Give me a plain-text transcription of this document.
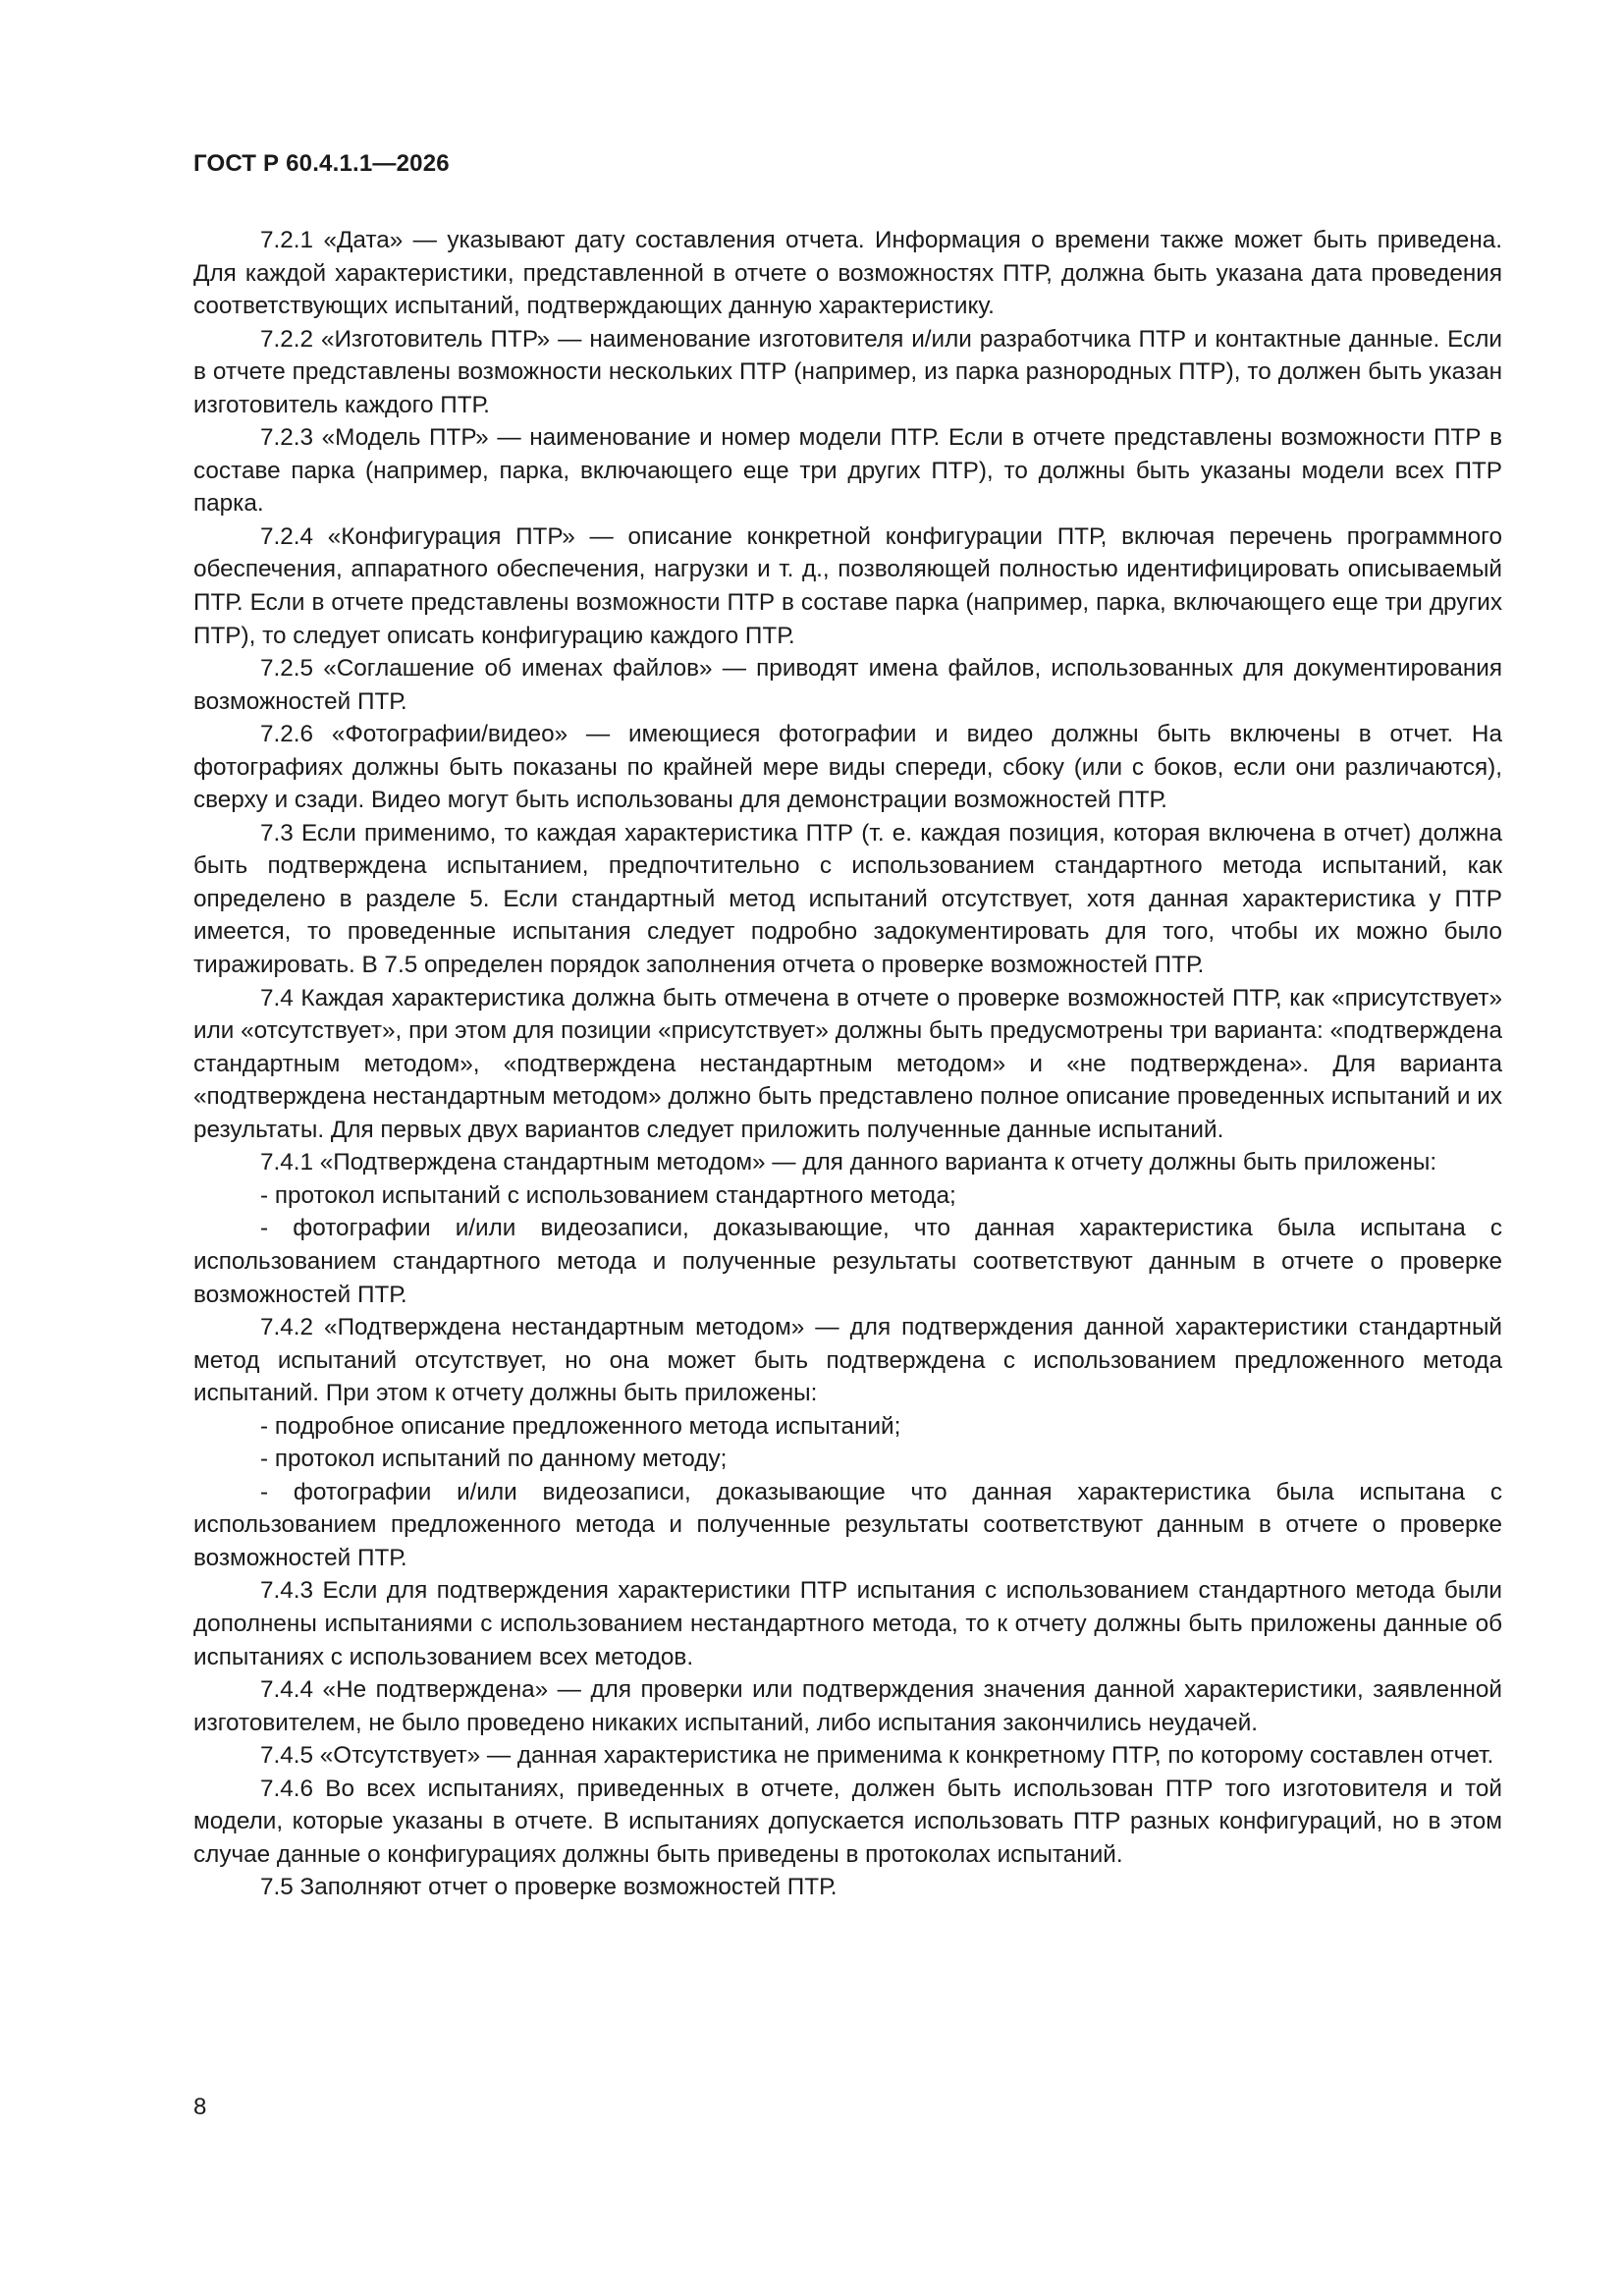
ГОСТ Р 60.4.1.1—2026

7.2.1 «Дата» — указывают дату составления отчета. Информация о времени также может быть приведена. Для каждой характеристики, представленной в отчете о возможностях ПТР, должна быть указана дата проведения соответствующих испытаний, подтверждающих данную характеристику.

7.2.2 «Изготовитель ПТР» — наименование изготовителя и/или разработчика ПТР и контактные данные. Если в отчете представлены возможности нескольких ПТР (например, из парка разнородных ПТР), то должен быть указан изготовитель каждого ПТР.

7.2.3 «Модель ПТР» — наименование и номер модели ПТР. Если в отчете представлены возможности ПТР в составе парка (например, парка, включающего еще три других ПТР), то должны быть указаны модели всех ПТР парка.

7.2.4 «Конфигурация ПТР» — описание конкретной конфигурации ПТР, включая перечень программного обеспечения, аппаратного обеспечения, нагрузки и т. д., позволяющей полностью идентифицировать описываемый ПТР. Если в отчете представлены возможности ПТР в составе парка (например, парка, включающего еще три других ПТР), то следует описать конфигурацию каждого ПТР.

7.2.5 «Соглашение об именах файлов» — приводят имена файлов, использованных для документирования возможностей ПТР.

7.2.6 «Фотографии/видео» — имеющиеся фотографии и видео должны быть включены в отчет. На фотографиях должны быть показаны по крайней мере виды спереди, сбоку (или с боков, если они различаются), сверху и сзади. Видео могут быть использованы для демонстрации возможностей ПТР.

7.3 Если применимо, то каждая характеристика ПТР (т. е. каждая позиция, которая включена в отчет) должна быть подтверждена испытанием, предпочтительно с использованием стандартного метода испытаний, как определено в разделе 5. Если стандартный метод испытаний отсутствует, хотя данная характеристика у ПТР имеется, то проведенные испытания следует подробно задокументировать для того, чтобы их можно было тиражировать. В 7.5 определен порядок заполнения отчета о проверке возможностей ПТР.

7.4 Каждая характеристика должна быть отмечена в отчете о проверке возможностей ПТР, как «присутствует» или «отсутствует», при этом для позиции «присутствует» должны быть предусмотрены три варианта: «подтверждена стандартным методом», «подтверждена нестандартным методом» и «не подтверждена». Для варианта «подтверждена нестандартным методом» должно быть представлено полное описание проведенных испытаний и их результаты. Для первых двух вариантов следует приложить полученные данные испытаний.

7.4.1 «Подтверждена стандартным методом» — для данного варианта к отчету должны быть приложены:

- протокол испытаний с использованием стандартного метода;

- фотографии и/или видеозаписи, доказывающие, что данная характеристика была испытана с использованием стандартного метода и полученные результаты соответствуют данным в отчете о проверке возможностей ПТР.

7.4.2 «Подтверждена нестандартным методом» — для подтверждения данной характеристики стандартный метод испытаний отсутствует, но она может быть подтверждена с использованием предложенного метода испытаний. При этом к отчету должны быть приложены:

- подробное описание предложенного метода испытаний;

- протокол испытаний по данному методу;

- фотографии и/или видеозаписи, доказывающие что данная характеристика была испытана с использованием предложенного метода и полученные результаты соответствуют данным в отчете о проверке возможностей ПТР.

7.4.3 Если для подтверждения характеристики ПТР испытания с использованием стандартного метода были дополнены испытаниями с использованием нестандартного метода, то к отчету должны быть приложены данные об испытаниях с использованием всех методов.

7.4.4 «Не подтверждена» — для проверки или подтверждения значения данной характеристики, заявленной изготовителем, не было проведено никаких испытаний, либо испытания закончились неудачей.

7.4.5 «Отсутствует» — данная характеристика не применима к конкретному ПТР, по которому составлен отчет.

7.4.6 Во всех испытаниях, приведенных в отчете, должен быть использован ПТР того изготовителя и той модели, которые указаны в отчете. В испытаниях допускается использовать ПТР разных конфигураций, но в этом случае данные о конфигурациях должны быть приведены в протоколах испытаний.

7.5 Заполняют отчет о проверке возможностей ПТР.

8
